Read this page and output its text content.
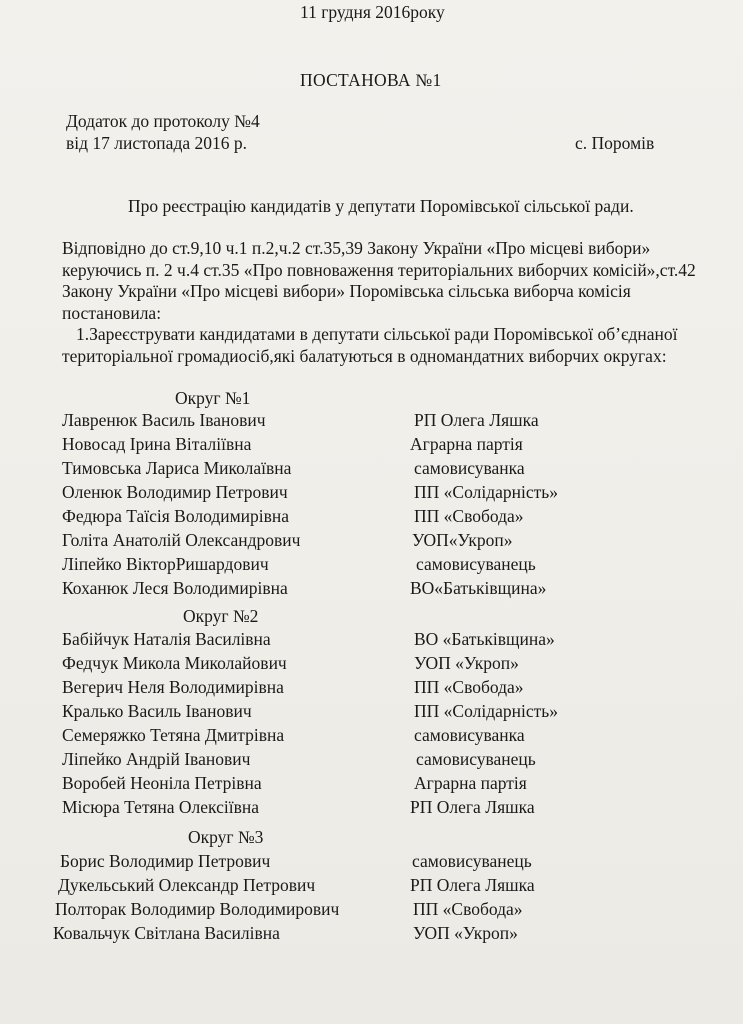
11 грудня 2016року
ПОСТАНОВА №1
Додаток до протоколу №4
від 17 листопада 2016 р.	с. Поромів
Про реєстрацію кандидатів у депутати Поромівської сільської ради.

Відповідно до ст.9,10 ч.1 п.2,ч.2 ст.35,39 Закону України «Про місцеві вибори» керуючись п. 2 ч.4 ст.35 «Про повноваження територіальних виборчих комісій»,ст.42 Закону України «Про місцеві вибори» Поромівська сільська виборча комісія постановила:

1.Зареєструвати кандидатами в депутати сільської ради Поромівської об’єднаної територіальної громадиосіб,які балатуються в одномандатних виборчих округах:

Округ №1
Лавренюк Василь Іванович	РП Олега Ляшка
Новосад Ірина Віталіївна	Аграрна партія
Тимовська Лариса Миколаївна	самовисуванка
Оленюк Володимир Петрович	ПП «Солідарність»
Федюра Таїсія Володимирівна	ПП «Свобода»
Голіта Анатолій Олександрович	УОП«Укроп»
Ліпейко ВікторРишардович	самовисуванець
Коханюк Леся Володимирівна	ВО«Батьківщина»
Округ №2
Бабійчук Наталія Василівна	ВО «Батьківщина»
Федчук Микола Миколайович	УОП «Укроп»
Вегерич Неля Володимирівна	ПП «Свобода»
Кралько Василь Іванович	ПП «Солідарність»
Семеряжко Тетяна Дмитрівна	самовисуванка
Ліпейко Андрій Іванович	самовисуванець
Воробей Неоніла Петрівна	Аграрна партія
Місюра Тетяна Олексіївна	РП Олега Ляшка
Округ №3
Борис Володимир Петрович	самовисуванець
Дукельський Олександр Петрович	РП Олега Ляшка
Полторак Володимир Володимирович	ПП «Свобода»
Ковальчук Світлана Василівна	УОП «Укроп»
